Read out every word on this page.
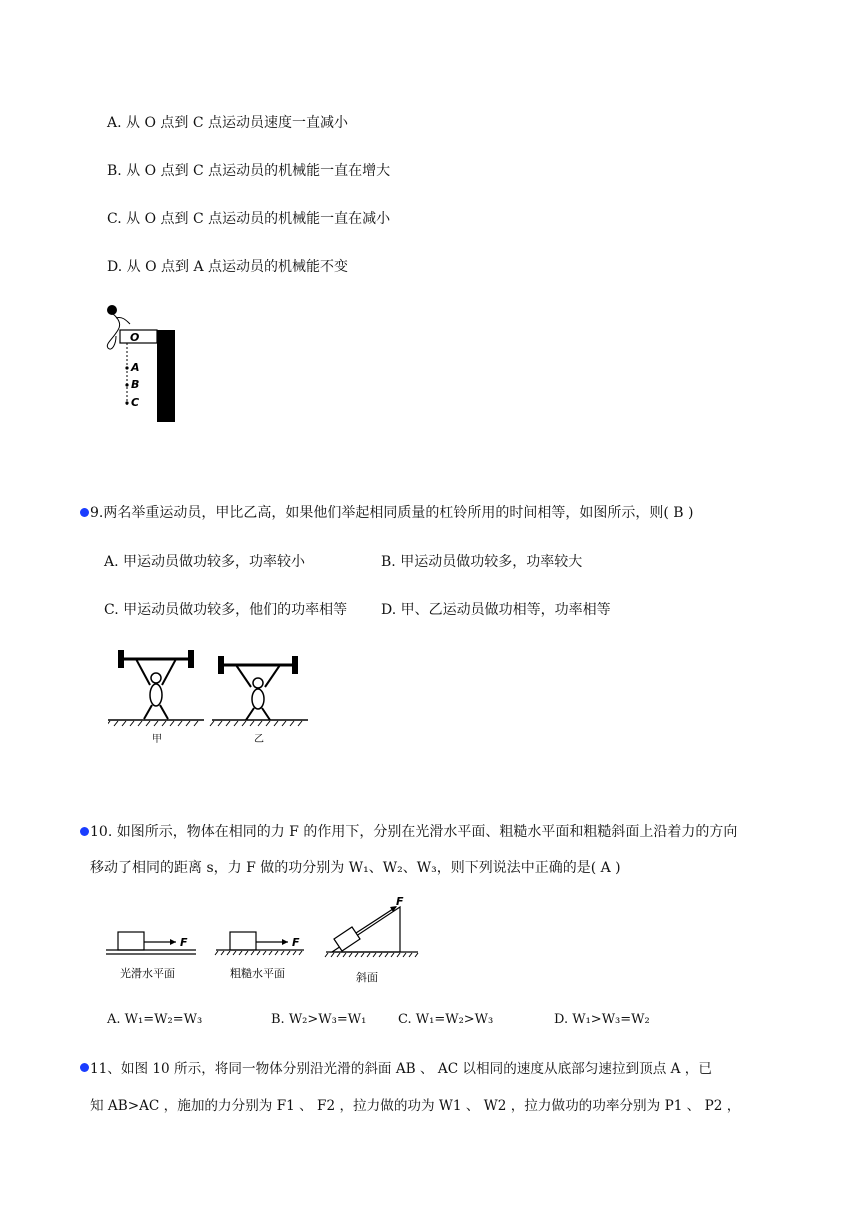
A. 从 O 点到 C 点运动员速度一直减小
B. 从 O 点到 C 点运动员的机械能一直在增大
C. 从 O 点到 C 点运动员的机械能一直在减小
D. 从 O 点到 A 点运动员的机械能不变
O
A
B
C
9.两名举重运动员，甲比乙高，如果他们举起相同质量的杠铃所用的时间相等，如图所示，则( B )
A. 甲运动员做功较多，功率较小	B. 甲运动员做功较多，功率较大
C. 甲运动员做功较多，他们的功率相等 D. 甲、乙运动员做功相等，功率相等
甲	乙
10. 如图所示，物体在相同的力 F 的作用下，分别在光滑水平面、粗糙水平面和粗糙斜面上沿着力的方向
移动了相同的距离 s，力 F 做的功分别为 W₁、W₂、W₃，则下列说法中正确的是( A )
F	F
F
光滑水平面	粗糙水平面	斜面
A. W₁=W₂=W₃	B. W₂>W₃=W₁ C. W₁=W₂>W₃	D. W₁>W₃=W₂
11、如图 10 所示，将同一物体分别沿光滑的斜面 AB 、 AC 以相同的速度从底部匀速拉到顶点 A ，已
知 AB>AC ，施加的力分别为 F1 、 F2 ，拉力做的功为 W1 、 W2 ，拉力做功的功率分别为 P1 、 P2 ，
